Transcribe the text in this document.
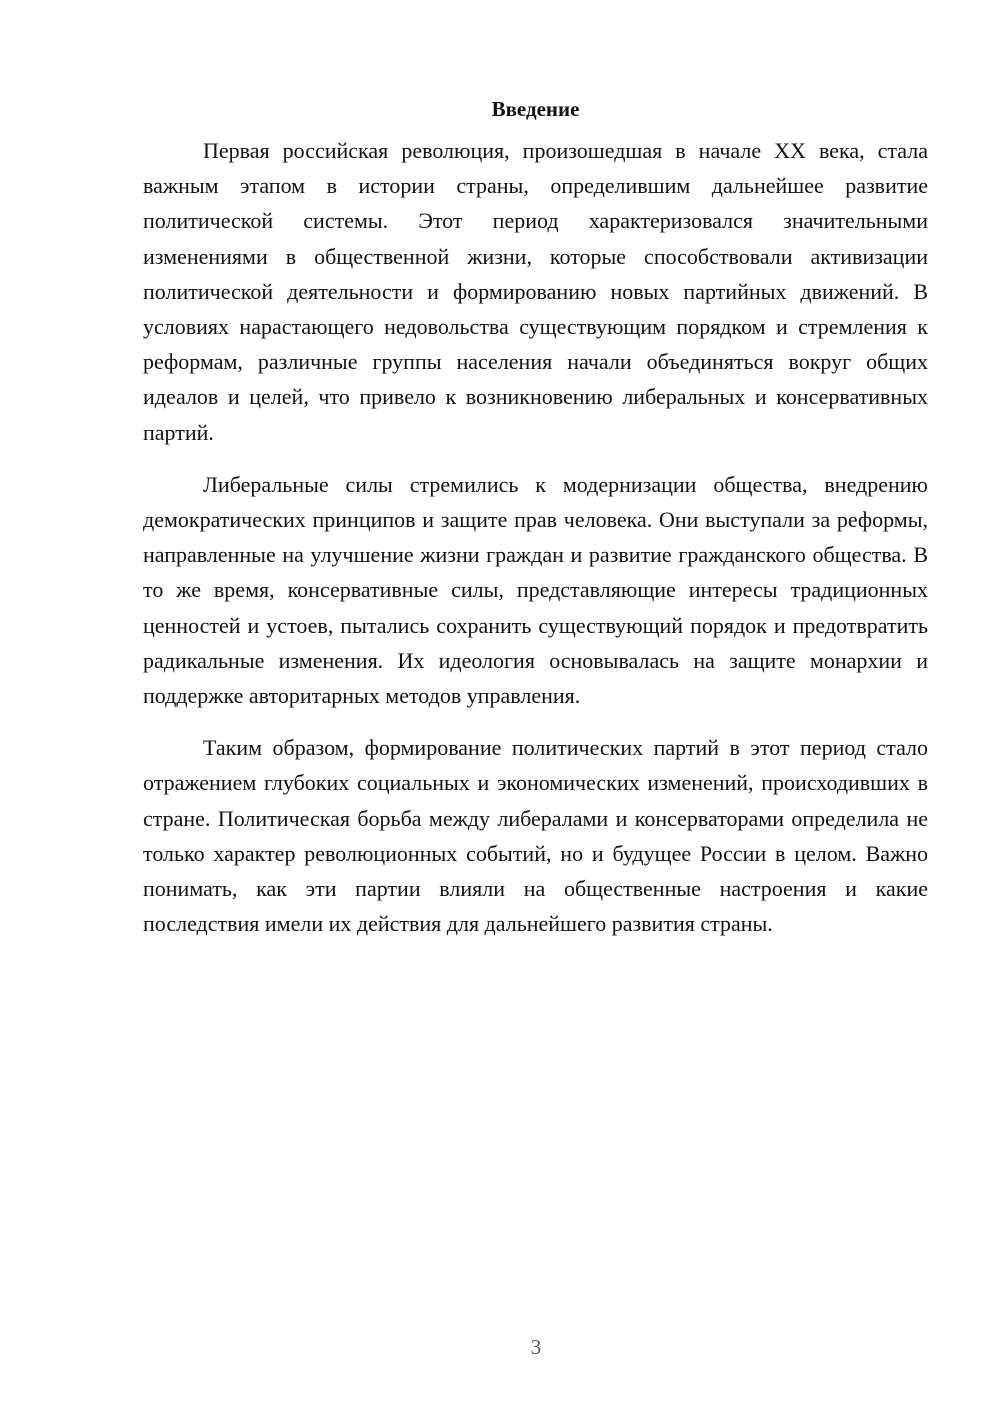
Введение

Первая российская революция, произошедшая в начале XX века, стала важным этапом в истории страны, определившим дальнейшее развитие политической системы. Этот период характеризовался значительными изменениями в общественной жизни, которые способствовали активизации политической деятельности и формированию новых партийных движений. В условиях нарастающего недовольства существующим порядком и стремления к реформам, различные группы населения начали объединяться вокруг общих идеалов и целей, что привело к возникновению либеральных и консервативных партий.

Либеральные силы стремились к модернизации общества, внедрению демократических принципов и защите прав человека. Они выступали за реформы, направленные на улучшение жизни граждан и развитие гражданского общества. В то же время, консервативные силы, представляющие интересы традиционных ценностей и устоев, пытались сохранить существующий порядок и предотвратить радикальные изменения. Их идеология основывалась на защите монархии и поддержке авторитарных методов управления.

Таким образом, формирование политических партий в этот период стало отражением глубоких социальных и экономических изменений, происходивших в стране. Политическая борьба между либералами и консерваторами определила не только характер революционных событий, но и будущее России в целом. Важно понимать, как эти партии влияли на общественные настроения и какие последствия имели их действия для дальнейшего развития страны.

3
